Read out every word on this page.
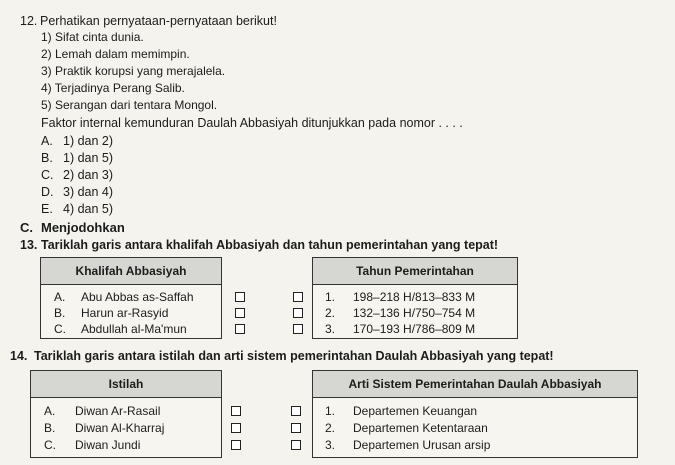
12. Perhatikan pernyataan-pernyataan berikut!
1) Sifat cinta dunia.
2) Lemah dalam memimpin.
3) Praktik korupsi yang merajalela.
4) Terjadinya Perang Salib.
5) Serangan dari tentara Mongol.
Faktor internal kemunduran Daulah Abbasiyah ditunjukkan pada nomor . . . .
A. 1) dan 2)
B. 1) dan 5)
C. 2) dan 3)
D. 3) dan 4)
E. 4) dan 5)
C. Menjodohkan
13. Tariklah garis antara khalifah Abbasiyah dan tahun pemerintahan yang tepat!
Khalifah Abbasiyah
A. Abu Abbas as-Saffah
B. Harun ar-Rasyid
C. Abdullah al-Ma'mun
Tahun Pemerintahan
1. 198–218 H/813–833 M
2. 132–136 H/750–754 M
3. 170–193 H/786–809 M
14. Tariklah garis antara istilah dan arti sistem pemerintahan Daulah Abbasiyah yang tepat!
Istilah
A. Diwan Ar-Rasail
B. Diwan Al-Kharraj
C. Diwan Jundi
Arti Sistem Pemerintahan Daulah Abbasiyah
1. Departemen Keuangan
2. Departemen Ketentaraan
3. Departemen Urusan arsip
